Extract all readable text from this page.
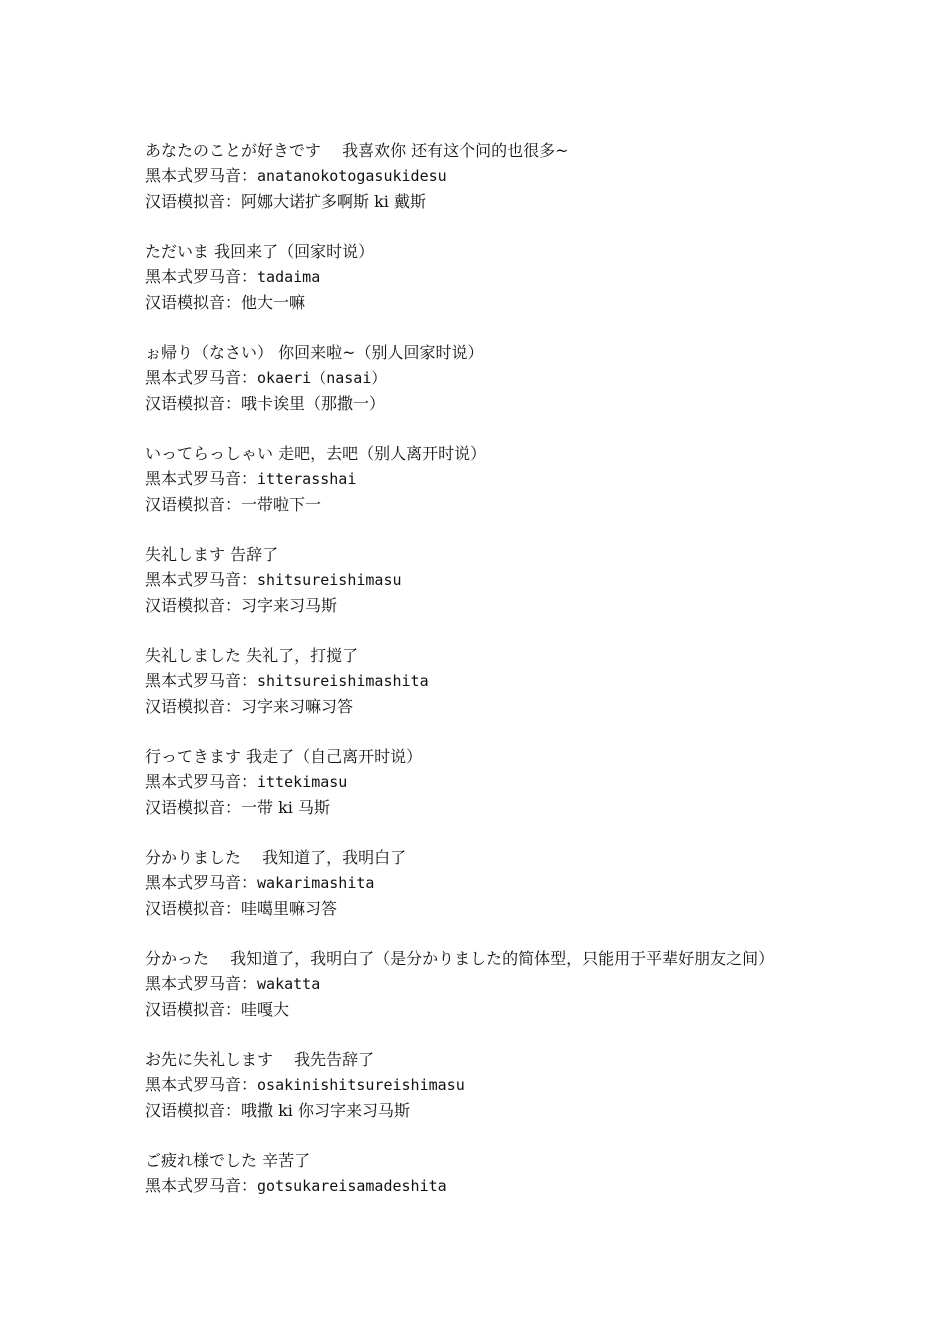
あなたのことが好きです　 我喜欢你 还有这个问的也很多~

黑本式罗马音：anatanokotogasukidesu

汉语模拟音：阿娜大诺扩多啊斯 ki 戴斯

ただいま 我回来了（回家时说）

黑本式罗马音：tadaima

汉语模拟音：他大一嘛

ぉ帰り（なさい） 你回来啦~（别人回家时说）

黑本式罗马音：okaeri（nasai）

汉语模拟音：哦卡诶里（那撒一）

いってらっしゃい 走吧，去吧（别人离开时说）

黑本式罗马音：itterasshai

汉语模拟音：一带啦下一

失礼します 告辞了

黑本式罗马音：shitsureishimasu

汉语模拟音：习字来习马斯

失礼しました 失礼了，打搅了

黑本式罗马音：shitsureishimashita

汉语模拟音：习字来习嘛习答

行ってきます 我走了（自己离开时说）

黑本式罗马音：ittekimasu

汉语模拟音：一带 ki 马斯

分かりました　 我知道了，我明白了

黑本式罗马音：wakarimashita

汉语模拟音：哇噶里嘛习答

分かった　 我知道了，我明白了（是分かりました的简体型，只能用于平辈好朋友之间）

黑本式罗马音：wakatta

汉语模拟音：哇嘎大

お先に失礼します　 我先告辞了

黑本式罗马音：osakinishitsureishimasu

汉语模拟音：哦撒 ki 你习字来习马斯

ご疲れ様でした 辛苦了

黑本式罗马音：gotsukareisamadeshita
